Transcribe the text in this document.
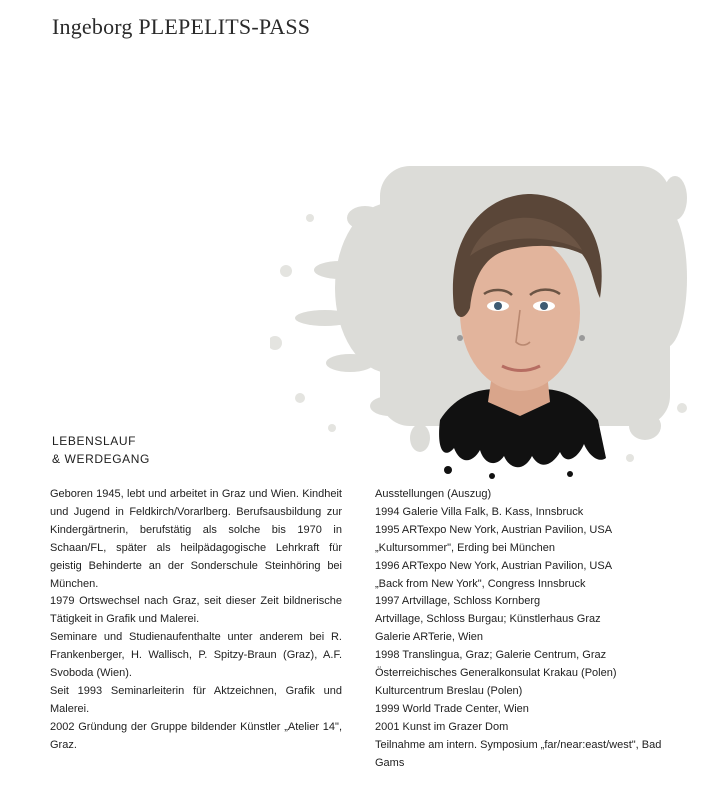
Ingeborg PLEPELITS-PASS
LEBENSLAUF
& WERDEGANG

Geboren 1945, lebt und arbeitet in Graz und Wien. Kindheit und Jugend in Feldkirch/Vorarlberg. Berufsausbildung zur Kindergärtnerin, berufstätig als solche bis 1970 in Schaan/FL, später als heilpädagogische Lehrkraft für geistig Behinderte an der Sonderschule Steinhöring bei München.

1979 Ortswechsel nach Graz, seit dieser Zeit bildnerische Tätigkeit in Grafik und Malerei.

Seminare und Studienaufenthalte unter anderem bei R. Frankenberger, H. Wallisch, P. Spitzy-Braun (Graz), A.F. Svoboda (Wien).

Seit 1993 Seminarleiterin für Aktzeichnen, Grafik und Malerei.

2002 Gründung der Gruppe bildender Künstler „Atelier 14", Graz.

Ausstellungen (Auszug)

1994 Galerie Villa Falk, B. Kass, Innsbruck

1995 ARTexpo New York, Austrian Pavilion, USA

„Kultursommer", Erding bei München

1996 ARTexpo New York, Austrian Pavilion, USA

„Back from New York", Congress Innsbruck

1997 Artvillage, Schloss Kornberg

Artvillage, Schloss Burgau; Künstlerhaus Graz

Galerie ARTerie, Wien

1998 Translingua, Graz; Galerie Centrum, Graz

Österreichisches Generalkonsulat Krakau (Polen)

Kulturcentrum Breslau (Polen)

1999 World Trade Center, Wien

2001 Kunst im Grazer Dom

Teilnahme am intern. Symposium „far/near:east/west", Bad Gams
